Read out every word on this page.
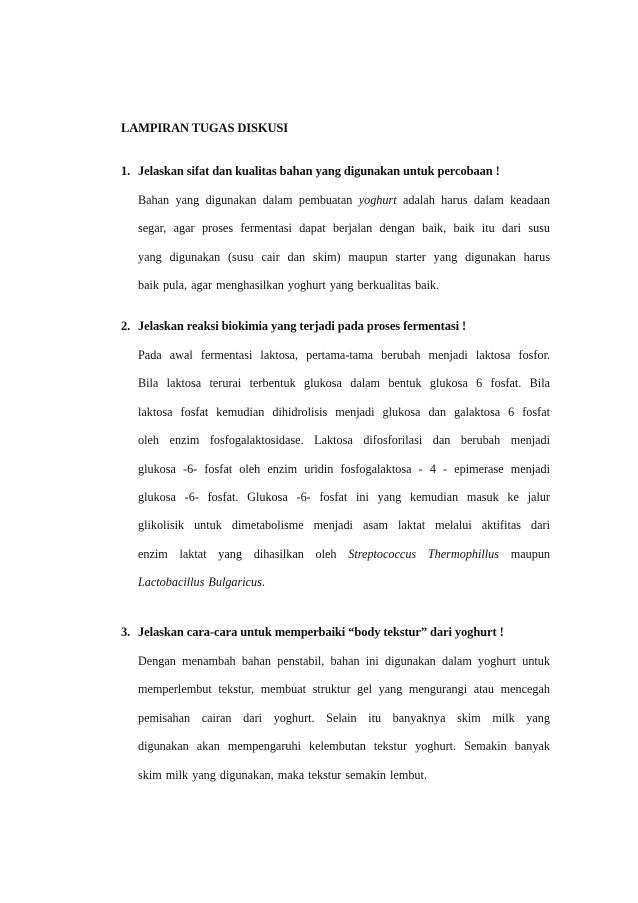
LAMPIRAN TUGAS DISKUSI
1. Jelaskan sifat dan kualitas bahan yang digunakan untuk percobaan !
Bahan yang digunakan dalam pembuatan yoghurt adalah harus dalam keadaan
segar, agar proses fermentasi dapat berjalan dengan baik, baik itu dari susu
yang digunakan (susu cair dan skim) maupun starter yang digunakan harus
baik pula, agar menghasilkan yoghurt yang berkualitas baik.
2. Jelaskan reaksi biokimia yang terjadi pada proses fermentasi !
Pada awal fermentasi laktosa, pertama-tama berubah menjadi laktosa fosfor.
Bila laktosa terurai terbentuk glukosa dalam bentuk glukosa 6 fosfat. Bila
laktosa fosfat kemudian dihidrolisis menjadi glukosa dan galaktosa 6 fosfat
oleh enzim fosfogalaktosidase. Laktosa difosforilasi dan berubah menjadi
glukosa -6- fosfat oleh enzim uridin fosfogalaktosa - 4 - epimerase menjadi
glukosa -6- fosfat. Glukosa -6- fosfat ini yang kemudian masuk ke jalur
glikolisik untuk dimetabolisme menjadi asam laktat melalui aktifitas dari
enzim laktat yang dihasilkan oleh Streptococcus Thermophillus maupun
Lactobacillus Bulgaricus.
3. Jelaskan cara-cara untuk memperbaiki “body tekstur” dari yoghurt !
Dengan menambah bahan penstabil, bahan ini digunakan dalam yoghurt untuk
memperlembut tekstur, membuat struktur gel yang mengurangi atau mencegah
pemisahan cairan dari yoghurt. Selain itu banyaknya skim milk yang
digunakan akan mempengaruhi kelembutan tekstur yoghurt. Semakin banyak
skim milk yang digunakan, maka tekstur semakin lembut.
